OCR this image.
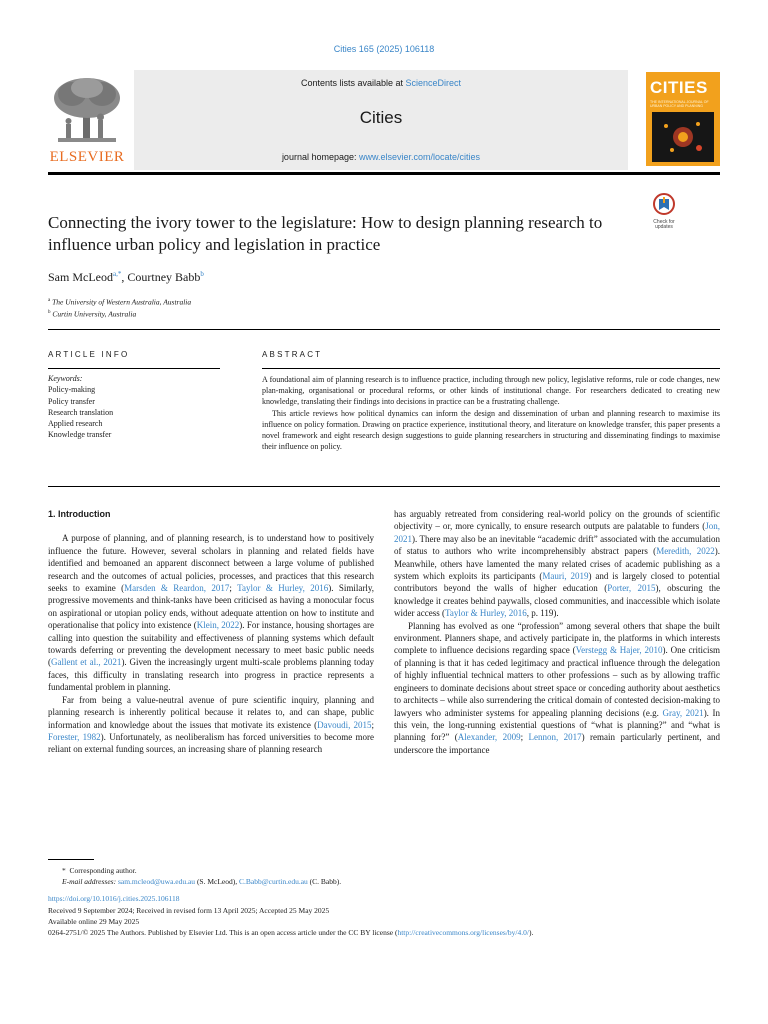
Cities 165 (2025) 106118
ELSEVIER
Contents lists available at ScienceDirect
Cities
journal homepage: www.elsevier.com/locate/cities
CITIES
THE INTERNATIONAL JOURNAL OF URBAN POLICY AND PLANNING
Connecting the ivory tower to the legislature: How to design planning research to influence urban policy and legislation in practice
Check for
updates
Sam McLeod$^{a,*}$, Courtney Babb$^b$
$^a$ The University of Western Australia, Australia
$^b$ Curtin University, Australia
ARTICLE INFO	ABSTRACT
Keywords:
Policy-making
Policy transfer
Research translation
Applied research
Knowledge transfer

A foundational aim of planning research is to influence practice, including through new policy, legislative reforms, rule or code changes, new plan-making, organisational or procedural reforms, or other kinds of institutional change. For researchers dedicated to creating new knowledge, translating their findings into decisions in practice can be a frustrating challenge.

This article reviews how political dynamics can inform the design and dissemination of urban and planning research to maximise its influence on policy formation. Drawing on practice experience, institutional theory, and literature on knowledge transfer, this paper presents a novel framework and eight research design suggestions to guide planning researchers in structuring and disseminating findings to maximise their influence on policy.

1. Introduction

A purpose of planning, and of planning research, is to understand how to positively influence the future. However, several scholars in planning and related fields have identified and bemoaned an apparent disconnect between a large volume of published research and the outcomes of actual policies, processes, and practices that this research seeks to examine (Marsden & Reardon, 2017; Taylor & Hurley, 2016). Similarly, progressive movements and think-tanks have been criticised as having a monocular focus on aspirational or utopian policy ends, without adequate attention on how to institute and operationalise that policy into existence (Klein, 2022). For instance, housing shortages are calling into question the suitability and effectiveness of planning systems which default towards deferring or preventing the development necessary to meet basic public needs (Gallent et al., 2021). Given the increasingly urgent multi-scale problems planning today faces, this difficulty in translating research into progress in practice represents a fundamental problem in planning.

Far from being a value-neutral avenue of pure scientific inquiry, planning and planning research is inherently political because it relates to, and can shape, public information and knowledge about the issues that motivate its existence (Davoudi, 2015; Forester, 1982). Unfortunately, as neoliberalism has forced universities to become more reliant on external funding sources, an increasing share of planning research

has arguably retreated from considering real-world policy on the grounds of scientific objectivity – or, more cynically, to ensure research outputs are palatable to funders (Jon, 2021). There may also be an inevitable “academic drift” associated with the accumulation of status to authors who write incomprehensibly abstract papers (Meredith, 2022). Meanwhile, others have lamented the many related crises of academic publishing as a system which exploits its participants (Mauri, 2019) and is largely closed to potential contributors beyond the walls of higher education (Porter, 2015), obscuring the knowledge it creates behind paywalls, closed communities, and inaccessible which isolate wider access (Taylor & Hurley, 2016, p. 119).

Planning has evolved as one “profession” among several others that shape the built environment. Planners shape, and actively participate in, the platforms in which interests complete to influence decisions regarding space (Verstegg & Hajer, 2010). One criticism of planning is that it has ceded legitimacy and practical influence through the delegation of highly influential technical matters to other professions – such as by allowing traffic engineers to dominate decisions about street space or conceding authority about aesthetics to architects – while also surrendering the critical domain of contested decision-making to lawyers who administer systems for appealing planning decisions (e.g. Gray, 2021). In this vein, the long-running existential questions of “what is planning?” and “what is planning for?” (Alexander, 2009; Lennon, 2017) remain particularly pertinent, and underscore the importance

* Corresponding author.
E-mail addresses: sam.mcleod@uwa.edu.au (S. McLeod), C.Babb@curtin.edu.au (C. Babb).
https://doi.org/10.1016/j.cities.2025.106118
Received 9 September 2024; Received in revised form 13 April 2025; Accepted 25 May 2025
Available online 29 May 2025
0264-2751/© 2025 The Authors. Published by Elsevier Ltd. This is an open access article under the CC BY license (http://creativecommons.org/licenses/by/4.0/).
